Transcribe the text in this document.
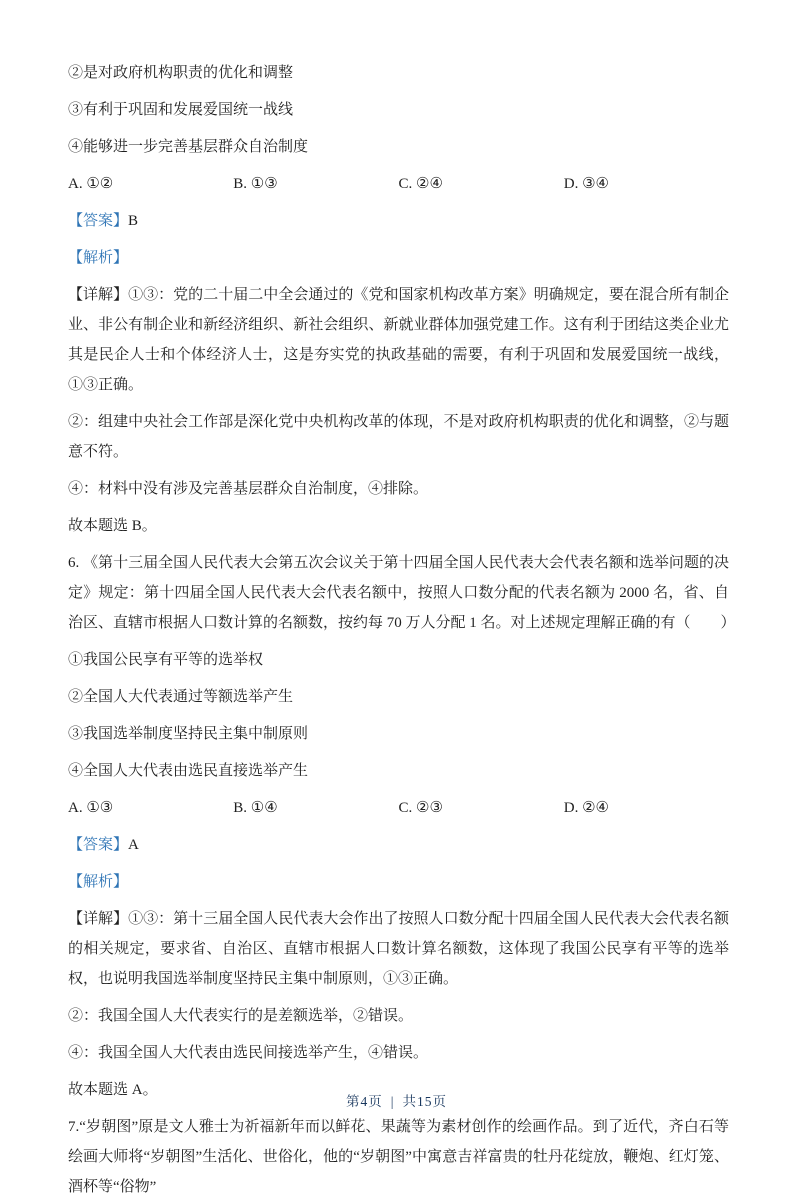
②是对政府机构职责的优化和调整
③有利于巩固和发展爱国统一战线
④能够进一步完善基层群众自治制度
A. ①②	B. ①③	C. ②④	D. ③④
【答案】B
【解析】
【详解】①③：党的二十届二中全会通过的《党和国家机构改革方案》明确规定，要在混合所有制企业、非公有制企业和新经济组织、新社会组织、新就业群体加强党建工作。这有利于团结这类企业尤其是民企人士和个体经济人士，这是夯实党的执政基础的需要，有利于巩固和发展爱国统一战线，①③正确。
②：组建中央社会工作部是深化党中央机构改革的体现，不是对政府机构职责的优化和调整，②与题意不符。
④：材料中没有涉及完善基层群众自治制度，④排除。
故本题选 B。
6. 《第十三届全国人民代表大会第五次会议关于第十四届全国人民代表大会代表名额和选举问题的决定》规定：第十四届全国人民代表大会代表名额中，按照人口数分配的代表名额为 2000 名，省、自治区、直辖市根据人口数计算的名额数，按约每 70 万人分配 1 名。对上述规定理解正确的有（　　）
①我国公民享有平等的选举权
②全国人大代表通过等额选举产生
③我国选举制度坚持民主集中制原则
④全国人大代表由选民直接选举产生
A. ①③	B. ①④	C. ②③	D. ②④
【答案】A
【解析】
【详解】①③：第十三届全国人民代表大会作出了按照人口数分配十四届全国人民代表大会代表名额的相关规定，要求省、自治区、直辖市根据人口数计算名额数，这体现了我国公民享有平等的选举权，也说明我国选举制度坚持民主集中制原则，①③正确。
②：我国全国人大代表实行的是差额选举，②错误。
④：我国全国人大代表由选民间接选举产生，④错误。
故本题选 A。
7.“岁朝图”原是文人雅士为祈福新年而以鲜花、果蔬等为素材创作的绘画作品。到了近代，齐白石等绘画大师将“岁朝图”生活化、世俗化，他的“岁朝图”中寓意吉祥富贵的牡丹花绽放，鞭炮、红灯笼、酒杯等“俗物”
第4页 | 共15页
